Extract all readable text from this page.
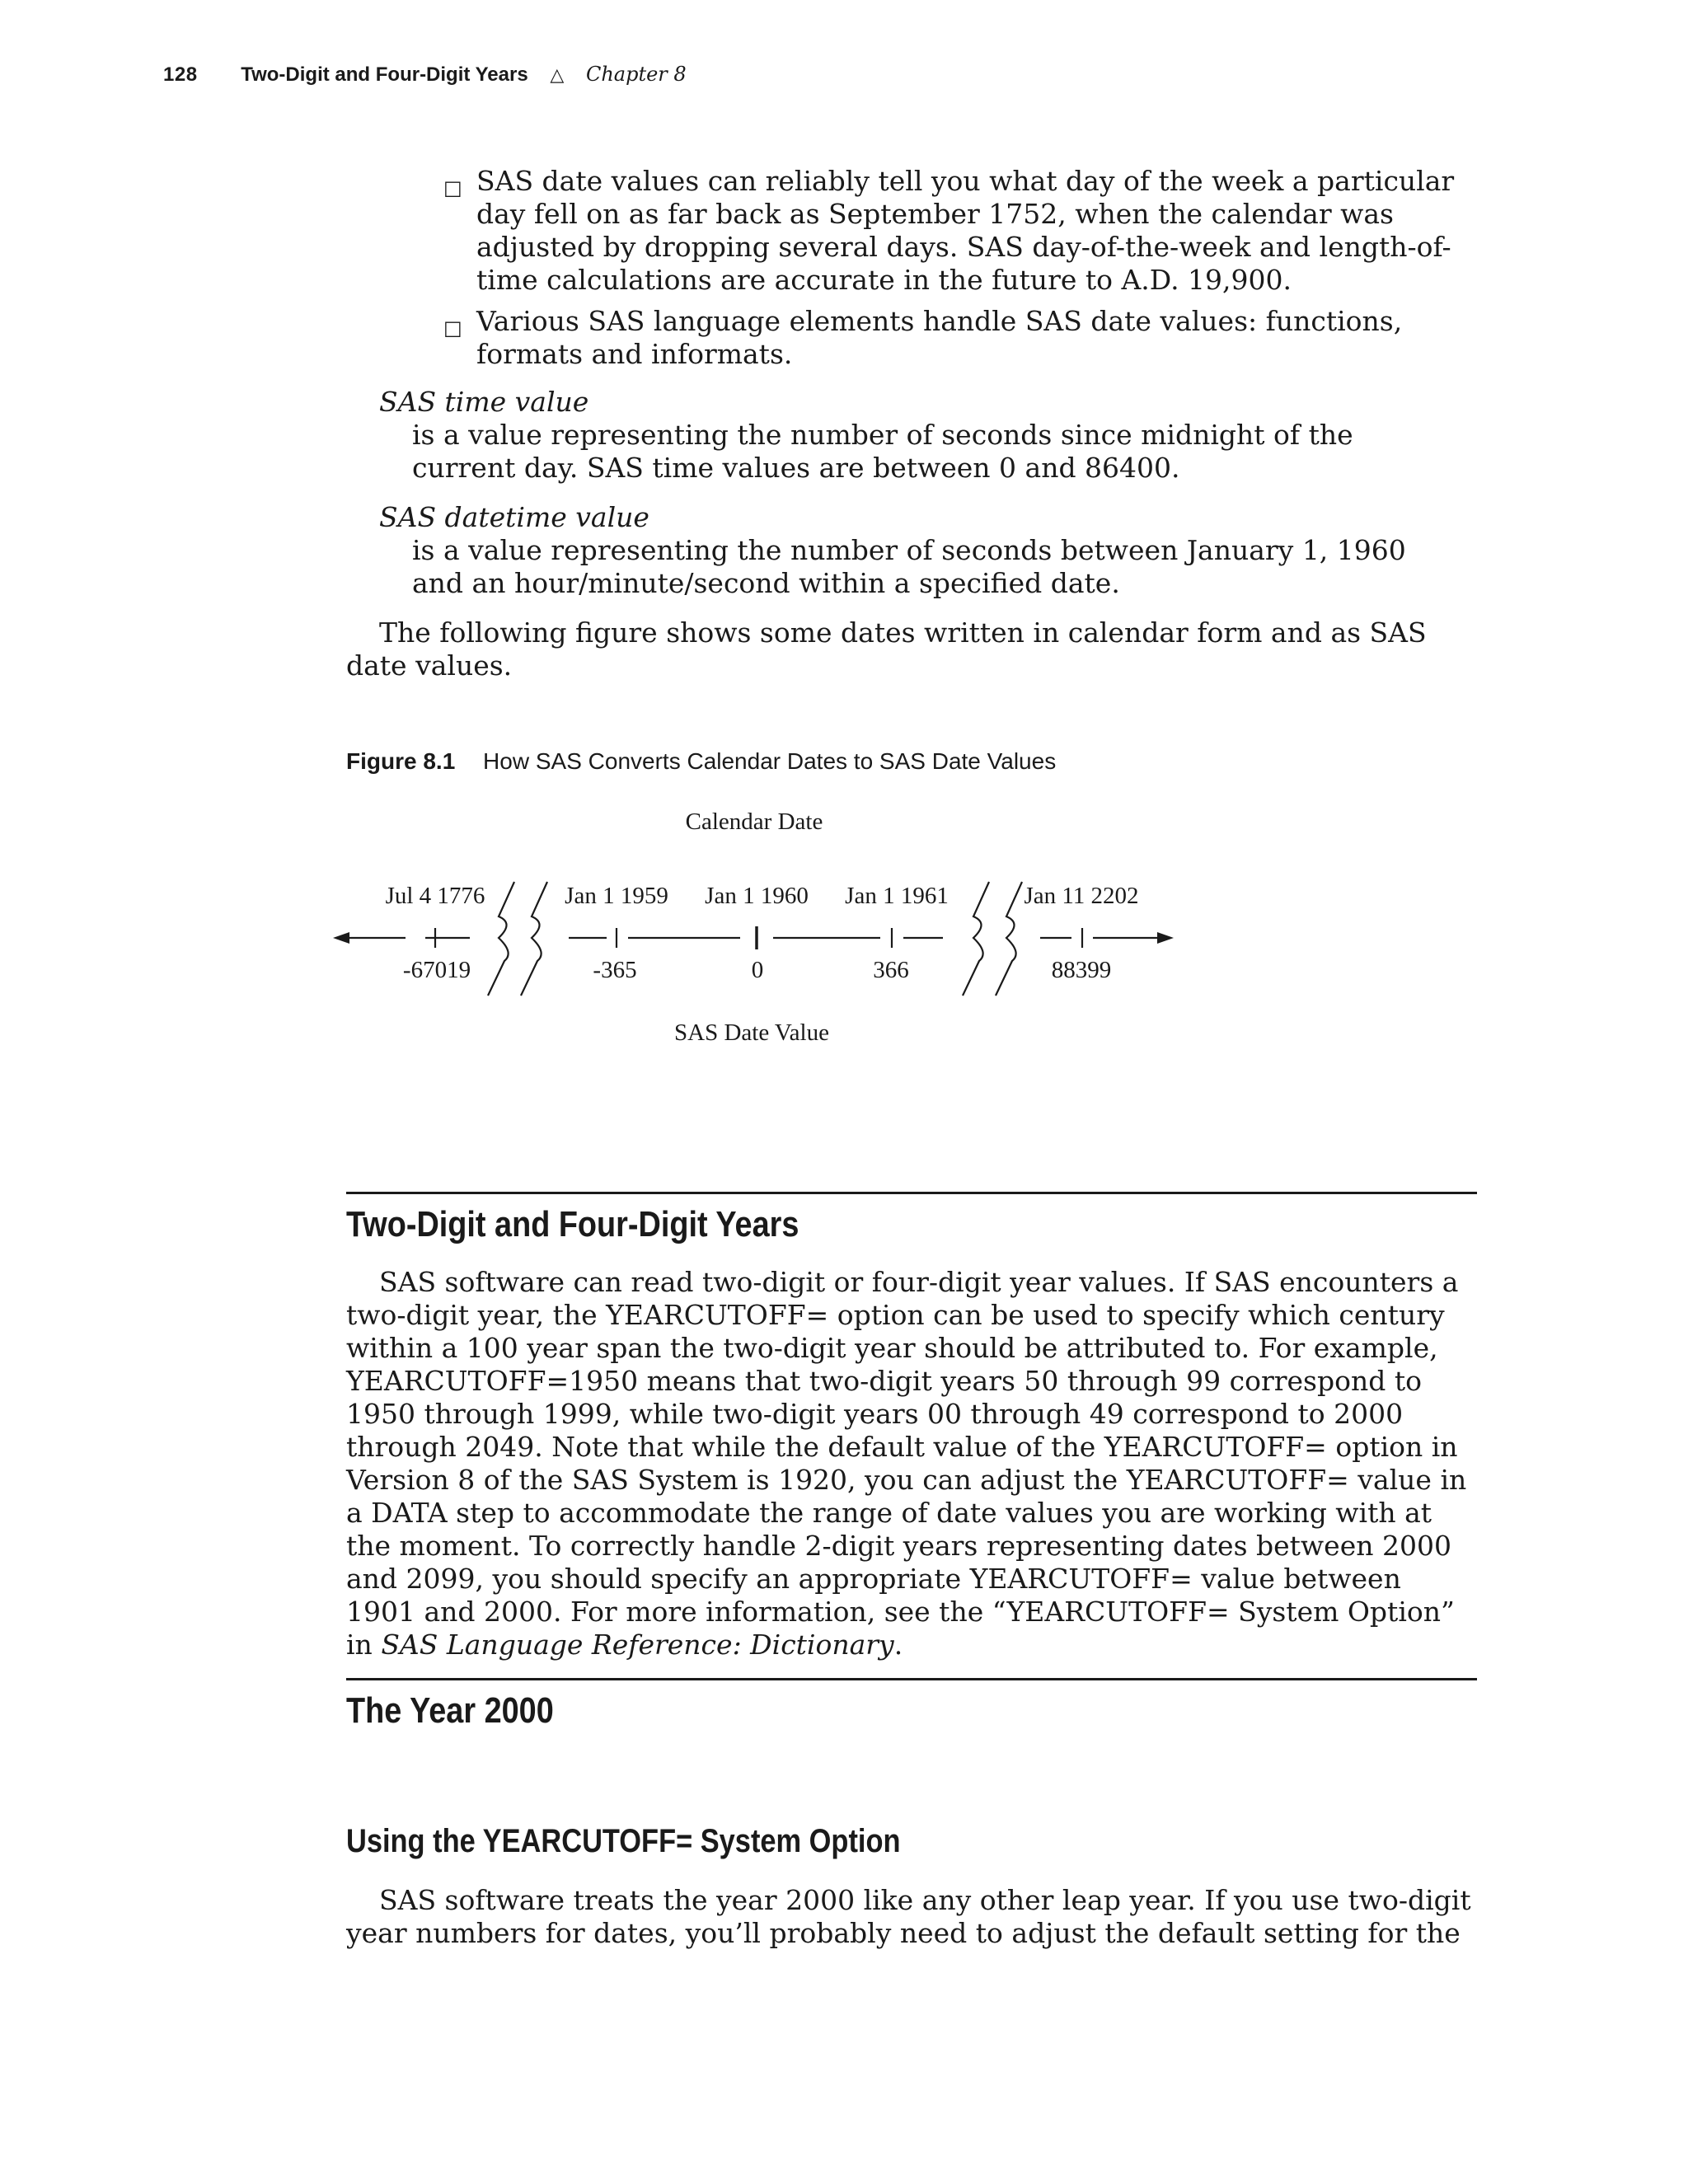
128 Two-Digit and Four-Digit Years △ Chapter 8
□ SAS date values can reliably tell you what day of the week a particular day fell on as far back as September 1752, when the calendar was adjusted by dropping several days. SAS day-of-the-week and length-of-time calculations are accurate in the future to A.D. 19,900.
□ Various SAS language elements handle SAS date values: functions, formats and informats.
SAS time value
is a value representing the number of seconds since midnight of the current day. SAS time values are between 0 and 86400.
SAS datetime value
is a value representing the number of seconds between January 1, 1960 and an hour/minute/second within a specified date.
The following figure shows some dates written in calendar form and as SAS date values.
Figure 8.1 How SAS Converts Calendar Dates to SAS Date Values
Calendar Date
Jul 4 1776	Jan 1 1959 Jan 1 1960 Jan 1 1961	Jan 11 2202
-67019	-365	0	366	88399
SAS Date Value
Two-Digit and Four-Digit Years
SAS software can read two-digit or four-digit year values. If SAS encounters a two-digit year, the YEARCUTOFF= option can be used to specify which century within a 100 year span the two-digit year should be attributed to. For example, YEARCUTOFF=1950 means that two-digit years 50 through 99 correspond to 1950 through 1999, while two-digit years 00 through 49 correspond to 2000 through 2049. Note that while the default value of the YEARCUTOFF= option in Version 8 of the SAS System is 1920, you can adjust the YEARCUTOFF= value in a DATA step to accommodate the range of date values you are working with at the moment. To correctly handle 2-digit years representing dates between 2000 and 2099, you should specify an appropriate YEARCUTOFF= value between 1901 and 2000. For more information, see the “YEARCUTOFF= System Option” in SAS Language Reference: Dictionary.
The Year 2000
Using the YEARCUTOFF= System Option
SAS software treats the year 2000 like any other leap year. If you use two-digit year numbers for dates, you’ll probably need to adjust the default setting for the
